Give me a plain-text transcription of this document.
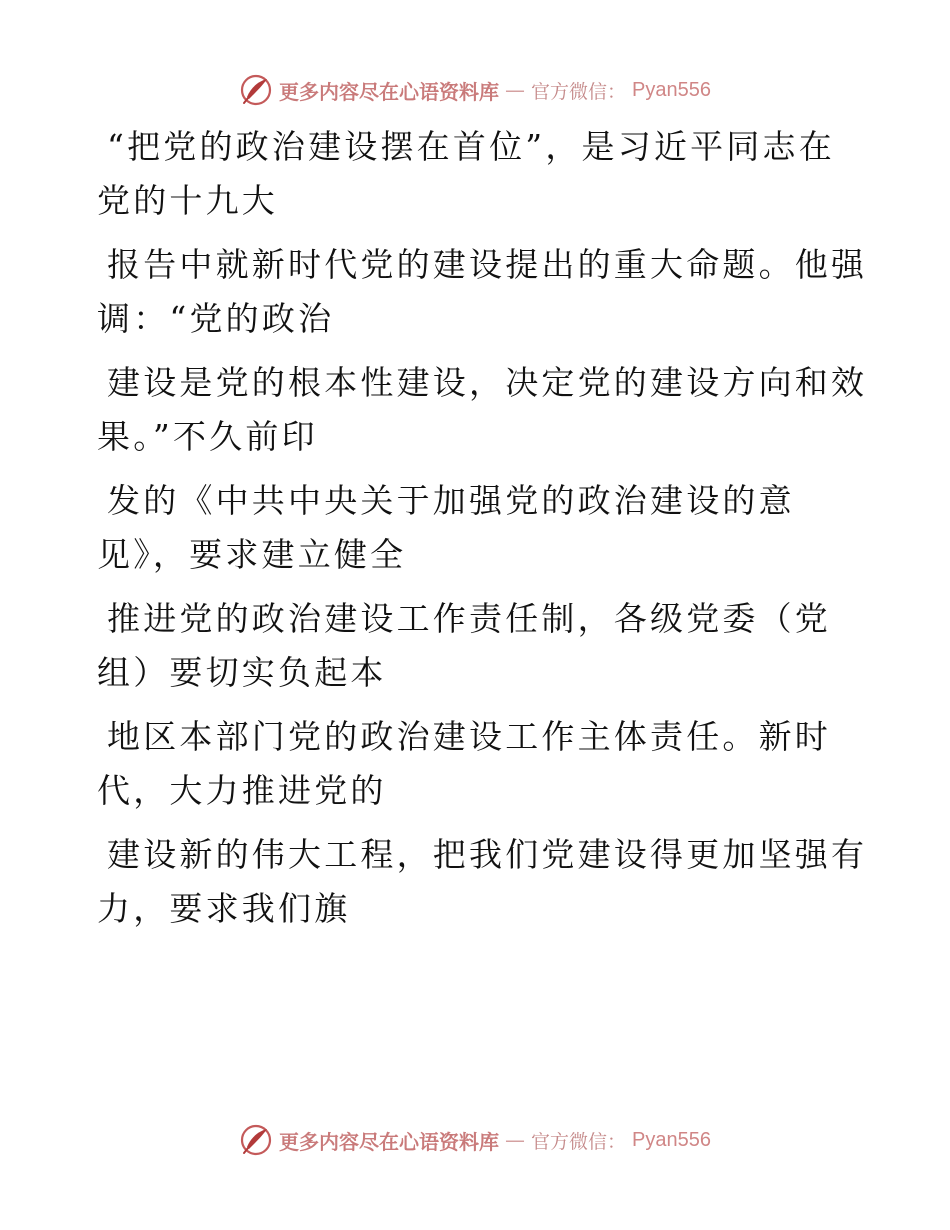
更多内容尽在心语资料库 — 官方微信： Pyan556

“把党的政治建设摆在首位”，是习近平同志在
党的十九大

报告中就新时代党的建设提出的重大命题。他强
调：“党的政治

建设是党的根本性建设，决定党的建设方向和效
果。”不久前印

发的《中共中央关于加强党的政治建设的意
见》，要求建立健全

推进党的政治建设工作责任制，各级党委（党
组）要切实负起本

地区本部门党的政治建设工作主体责任。新时
代，大力推进党的

建设新的伟大工程，把我们党建设得更加坚强有
力，要求我们旗

更多内容尽在心语资料库 — 官方微信： Pyan556
